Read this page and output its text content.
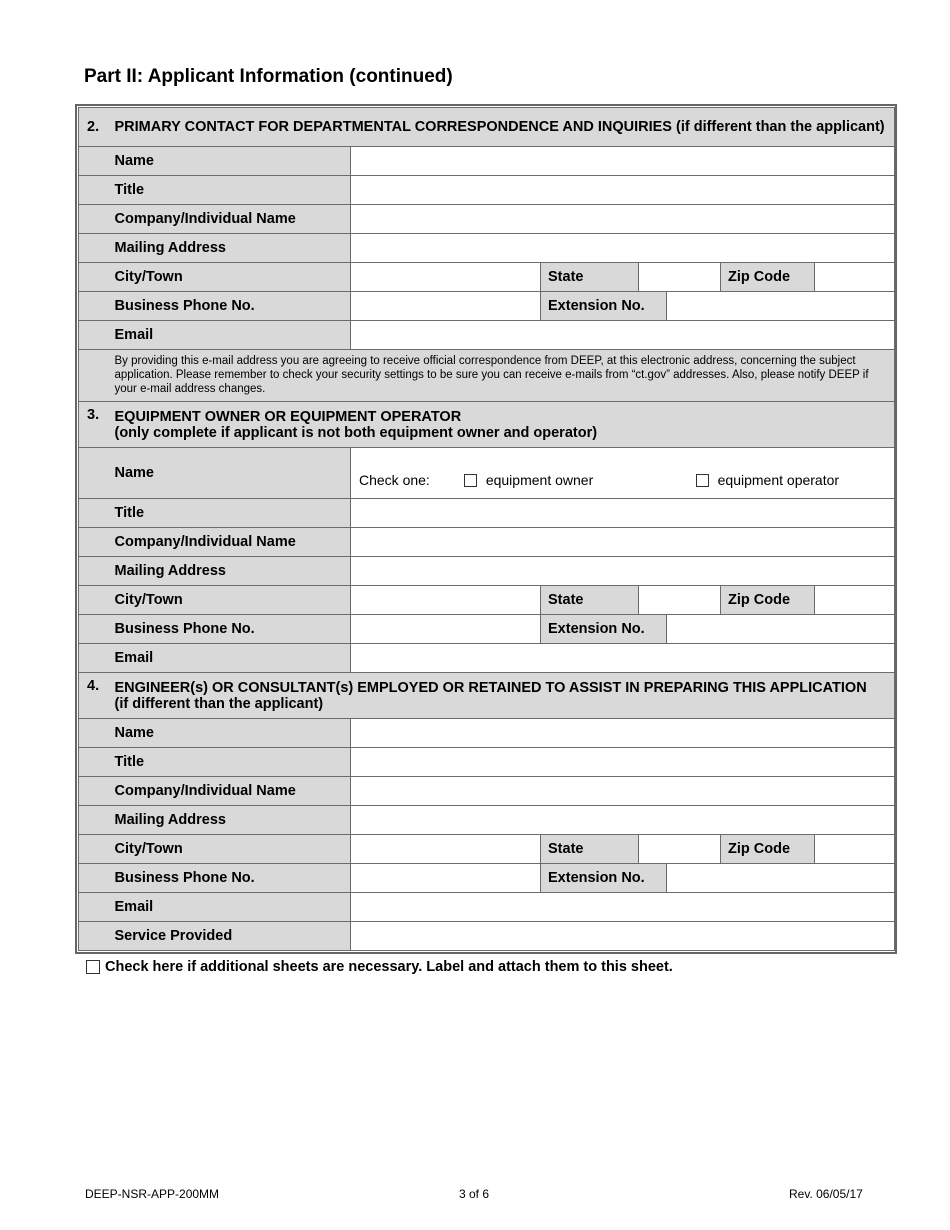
Part II: Applicant Information (continued)
2.	PRIMARY CONTACT FOR DEPARTMENTAL CORRESPONDENCE AND INQUIRIES (if different than the applicant)						
	Name						
	Title						
	Company/Individual Name						
	Mailing Address						
	City/Town		State			Zip Code	
	Business Phone No.		Extension No.				
	Email						
	By providing this e-mail address you are agreeing to receive official correspondence from DEEP, at this electronic address, concerning the subject application. Please remember to check your security settings to be sure you can receive e-mails from “ct.gov” addresses. Also, please notify DEEP if your e-mail address changes.						
3.	EQUIPMENT OWNER OR EQUIPMENT OPERATOR
(only complete if applicant is not both equipment owner and operator)						

	Name	Check one: equipment owner equipment operator					

	Title						
	Company/Individual Name						
	Mailing Address						
	City/Town		State			Zip Code	
	Business Phone No.		Extension No.				
	Email						
4.	ENGINEER(s) OR CONSULTANT(s) EMPLOYED OR RETAINED TO ASSIST IN PREPARING THIS APPLICATION
(if different than the applicant)						

	Name						
	Title						
	Company/Individual Name						
	Mailing Address						
	City/Town		State			Zip Code	
	Business Phone No.		Extension No.				
	Email						
	Service Provided						
Check here if additional sheets are necessary. Label and attach them to this sheet.
DEEP-NSR-APP-200MM	3 of 6	Rev. 06/05/17
